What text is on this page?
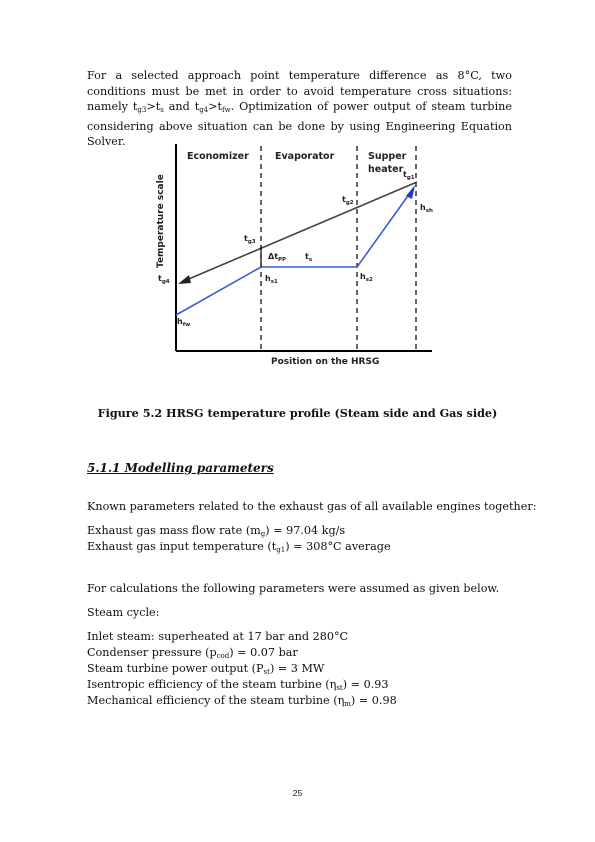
For a selected approach point temperature difference as 8°C, two conditions must be met in order to avoid temperature cross situations: namely $t_{g3}>t_s$ and $t_{g4}>t_{fw}$. Optimization of power output of steam turbine considering above situation can be done by using Engineering Equation Solver.
Economizer	Evaporator	Supper
heater
Temperature scale
Position on the HRSG
$t_{g1}$
$t_{g2}$
$t_{g3}$
$t_{g4}$
$\Delta t_{PP}$ $t_s$
$h_{s1}$
$h_{s2}$
$h_{sh}$
$h_{fw}$
Figure 5.2 HRSG temperature profile (Steam side and Gas side)
5.1.1 Modelling parameters
Known parameters related to the exhaust gas of all available engines together:
Exhaust gas mass flow rate $(m_g) = 97.04$ kg/s
Exhaust gas input temperature $(t_{g1}) = 308^\circ C$ average
For calculations the following parameters were assumed as given below.
Steam cycle:
Inlet steam: superheated at 17 bar and 280°C
Condenser pressure $(p_{cod}) = 0.07$ bar
Steam turbine power output $(P_{st}) = 3$ MW
Isentropic efficiency of the steam turbine $(\eta_{st}) = 0.93$
Mechanical efficiency of the steam turbine $(\eta_m) = 0.98$
25
